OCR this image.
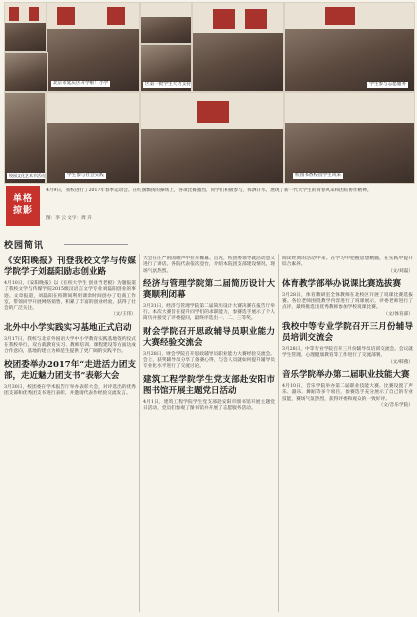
北京市延庆区开学啦！小学	区第一批学生大力支持	学生参与志愿服务
学生参与社会实践	校园书香校园学生风采
校园文化艺术节活动
单格掠影
4月9日，我校进行了2017年春季运动会。在红旗飘扬的操场上，各项比赛激烈，同学们积极参与，挥洒汗水，展现了新一代大学生的青春风采和团结协作精神。
图：李 云 文字：周 卉
校园简讯
《安阳晚报》刊登我校文学与传媒学院学子刘磊阳励志创业路

4月10日，《安阳晚报》以《在校大学生 创业当老板》为题报道了我校文学与传媒学院2015级汉语言文学专业刘磊阳创业的事迹。文章报道，刘磊阳在校期间利用课余时间创办了电商工作室，带领同学开展网络销售，积累了丰富的创业经验，获得了社会的广泛关注。

（文/王伟）
北外中小学实践实习基地正式启动

3月17日，我校与北京外国语大学中小学教育实践基地签约仪式在我校举行。双方就教育实习、教师培训、课程建设等方面达成合作意向，基地的建立为师范生提供了更广阔的实践平台。

校团委举办2017年“走进活力团支部，走近魅力团支书”表彰大会

3月30日，校团委在学术报告厅举办表彰大会，对评选出的优秀团支部和优秀团支书进行表彰，并邀请代表作经验交流发言。

大会在庄严的国歌声中拉开帷幕。首先，校团委领导就活动意义进行了讲话。各院代表依次登台，介绍本院团支部建设情况，现场气氛热烈。

经济与管理学院第二届简历设计大赛顺利闭幕

3月31日，经济与管理学院第二届简历设计大赛决赛在报告厅举行。本次大赛旨在提升同学们的求职能力，参赛选手展示了个人简历并接受了评委提问，最终评选出一、二、三等奖。

财会学院召开思政辅导员职业能力大赛经验交流会

3月28日，财会学院召开思政辅导员职业能力大赛经验交流会。会上，获奖辅导员分享了备赛心得，与会人员就如何提升辅导员专业化水平进行了交流讨论。

建筑工程学院学生党支部赴安阳市图书馆开展主题党日活动

4月1日，建筑工程学院学生党支部赴安阳市图书馆开展主题党日活动，党员们参观了图书馆并开展了志愿服务活动。

阅读经典的活动中来。在学习中把握思想精髓，在实践中提升综合素养。

（文/刘磊）
体育教学部举办说课比赛选拔赛

3月28日，体育教研室全体教师在北校区开展了说课比赛选拔赛。各位老师围绕教学内容进行了说课展示，评委老师进行了点评，最终推选出优秀教师参加学校说课比赛。

（文/体育部）
我校中等专业学院召开三月份辅导员培训交流会

3月28日，中等专业学院召开三月份辅导员培训交流会。会议就学生管理、心理健康教育等工作进行了交流部署。

（文/韩燕）
音乐学院举办第二届职业技能大赛

4月10日，音乐学院举办第二届职业技能大赛。比赛设置了声乐、器乐、舞蹈等多个项目，参赛选手充分展示了自己的专业技能，赛场气氛热烈，获得评委和观众的一致好评。

（文/音乐学院）
